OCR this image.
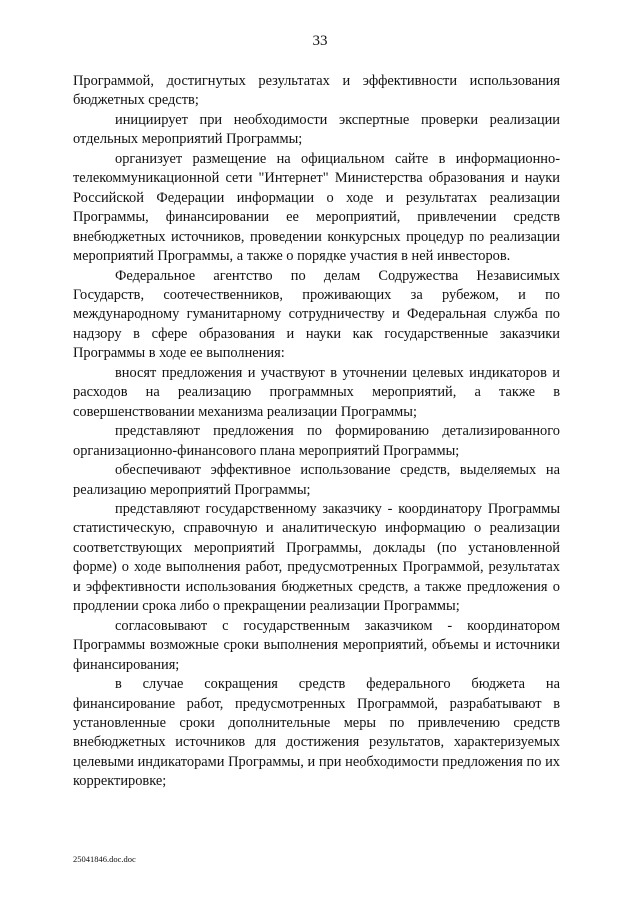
33

Программой, достигнутых результатах и эффективности использования бюджетных средств;

инициирует при необходимости экспертные проверки реализации отдельных мероприятий Программы;

организует размещение на официальном сайте в информационно-телекоммуникационной сети "Интернет" Министерства образования и науки Российской Федерации информации о ходе и результатах реализации Программы, финансировании ее мероприятий, привлечении средств внебюджетных источников, проведении конкурсных процедур по реализации мероприятий Программы, а также о порядке участия в ней инвесторов.

Федеральное агентство по делам Содружества Независимых Государств, соотечественников, проживающих за рубежом, и по международному гуманитарному сотрудничеству и Федеральная служба по надзору в сфере образования и науки как государственные заказчики Программы в ходе ее выполнения:

вносят предложения и участвуют в уточнении целевых индикаторов и расходов на реализацию программных мероприятий, а также в совершенствовании механизма реализации Программы;

представляют предложения по формированию детализированного организационно-финансового плана мероприятий Программы;

обеспечивают эффективное использование средств, выделяемых на реализацию мероприятий Программы;

представляют государственному заказчику - координатору Программы статистическую, справочную и аналитическую информацию о реализации соответствующих мероприятий Программы, доклады (по установленной форме) о ходе выполнения работ, предусмотренных Программой, результатах и эффективности использования бюджетных средств, а также предложения о продлении срока либо о прекращении реализации Программы;

согласовывают с государственным заказчиком - координатором Программы возможные сроки выполнения мероприятий, объемы и источники финансирования;

в случае сокращения средств федерального бюджета на финансирование работ, предусмотренных Программой, разрабатывают в установленные сроки дополнительные меры по привлечению средств внебюджетных источников для достижения результатов, характеризуемых целевыми индикаторами Программы, и при необходимости предложения по их корректировке;

25041846.doc.doc
